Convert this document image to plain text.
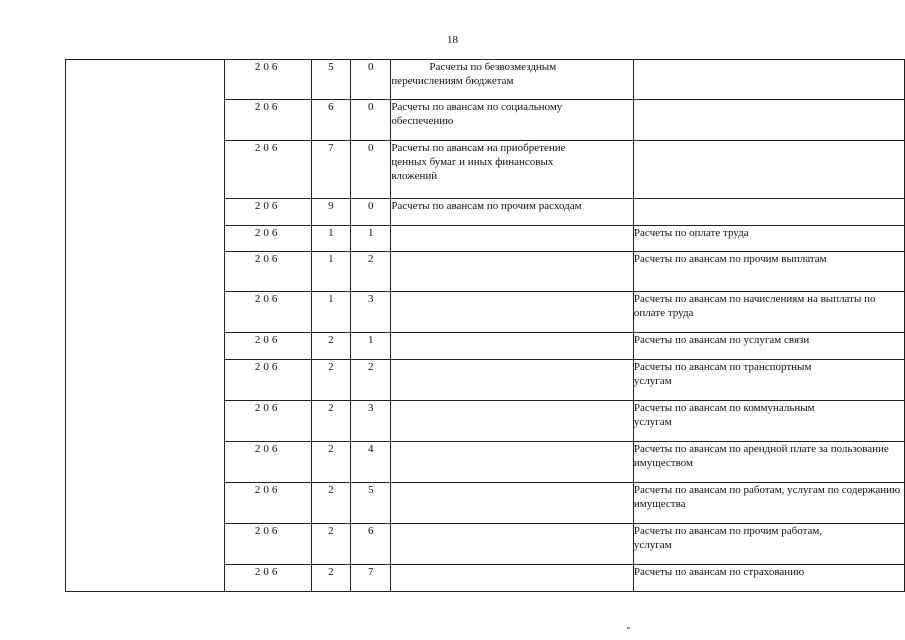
18
	206	5	0	Расчеты по безвозмездным
перечислениям бюджетам	
	206	6	0	Расчеты по авансам по социальному
обеспечению	
	206	7	0	Расчеты по авансам на приобретение
ценных бумаг и иных финансовых вложений	
	206	9	0	Расчеты по авансам по прочим расходам	
	206	1	1		Расчеты по оплате труда
	206	1	2		Расчеты по авансам по прочим выплатам
	206	1	3		Расчеты по авансам по начислениям на выплаты по оплате труда
	206	2	1		Расчеты по авансам по услугам связи
	206	2	2		Расчеты по авансам по транспортным услугам
	206	2	3		Расчеты по авансам по коммунальным услугам
	206	2	4		Расчеты по авансам по арендной плате за пользование имуществом
	206	2	5		Расчеты по авансам по работам, услугам по содержанию имущества
	206	2	6		Расчеты по авансам по прочим работам, услугам
	206	2	7		Расчеты по авансам по страхованию
